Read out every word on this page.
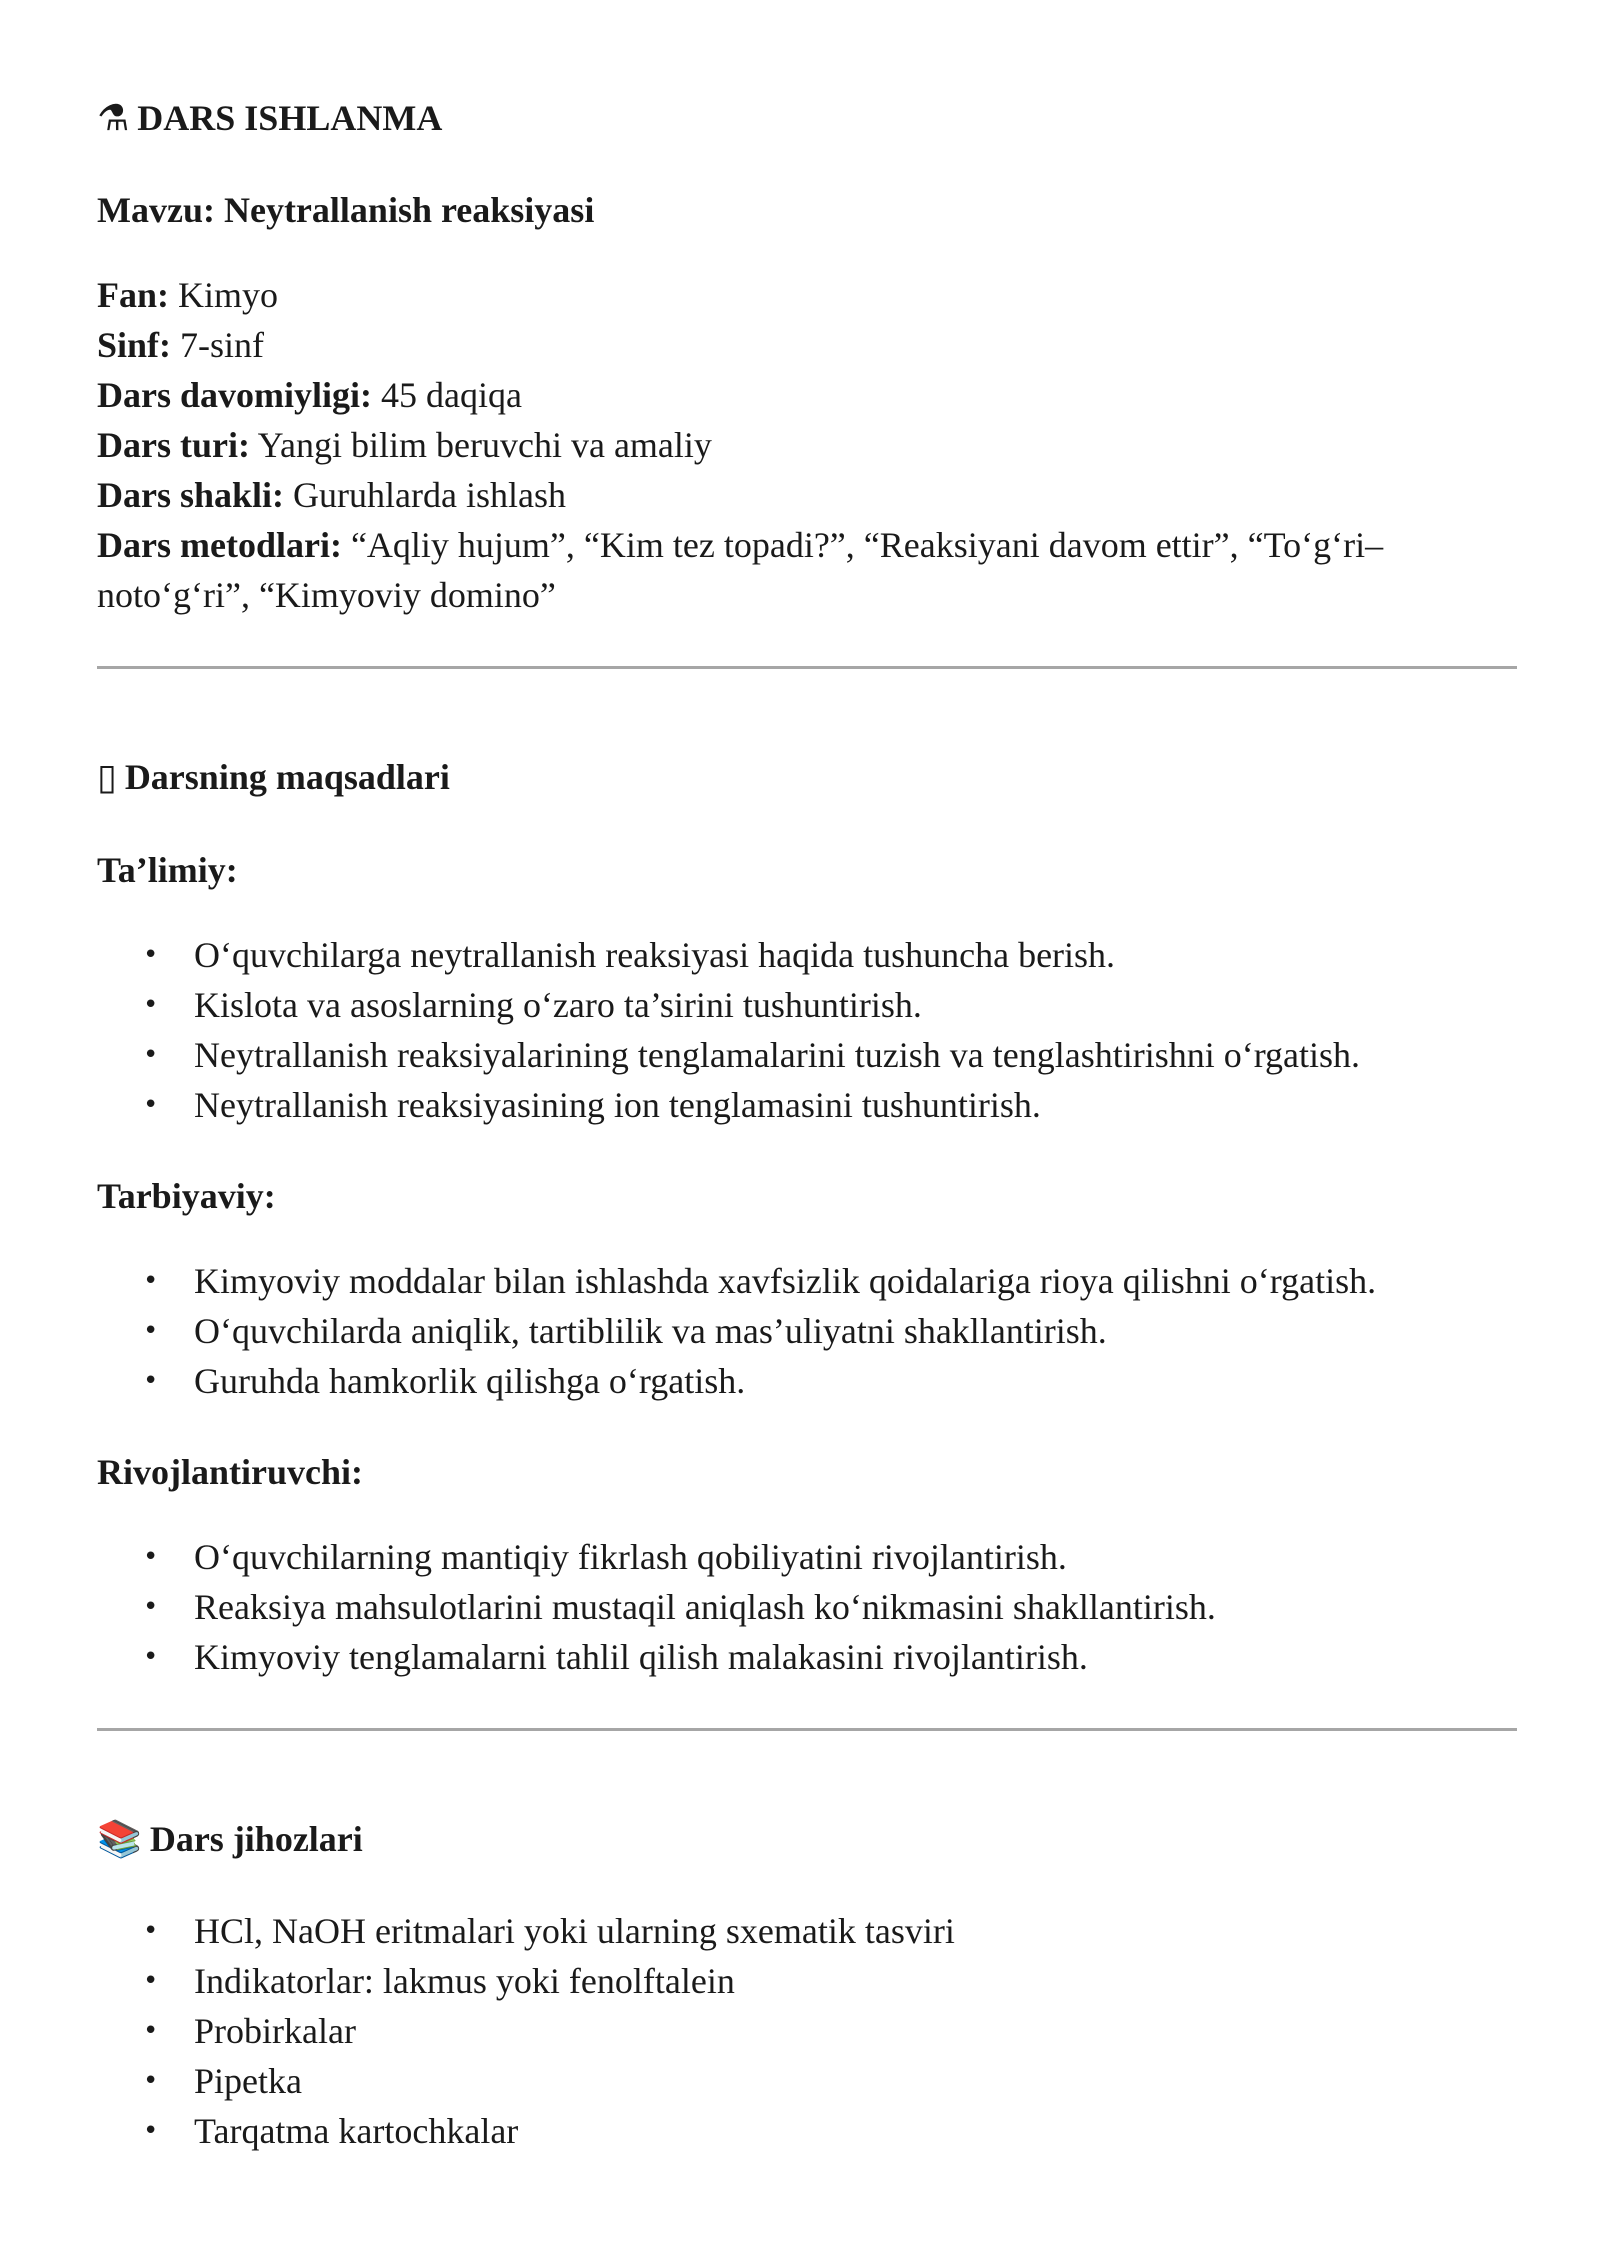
⚗ DARS ISHLANMA
Mavzu: Neytrallanish reaksiyasi
Fan: Kimyo
Sinf: 7-sinf
Dars davomiyligi: 45 daqiqa
Dars turi: Yangi bilim beruvchi va amaliy
Dars shakli: Guruhlarda ishlash
Dars metodlari: “Aqliy hujum”, “Kim tez topadi?”, “Reaksiyani davom ettir”, “To‘g‘ri–noto‘g‘ri”, “Kimyoviy domino”
▯ Darsning maqsadlari
Ta’limiy:
• O‘quvchilarga neytrallanish reaksiyasi haqida tushuncha berish.
• Kislota va asoslarning o‘zaro ta’sirini tushuntirish.
• Neytrallanish reaksiyalarining tenglamalarini tuzish va tenglashtirishni o‘rgatish.
• Neytrallanish reaksiyasining ion tenglamasini tushuntirish.
Tarbiyaviy:
• Kimyoviy moddalar bilan ishlashda xavfsizlik qoidalariga rioya qilishni o‘rgatish.
• O‘quvchilarda aniqlik, tartiblilik va mas’uliyatni shakllantirish.
• Guruhda hamkorlik qilishga o‘rgatish.
Rivojlantiruvchi:
• O‘quvchilarning mantiqiy fikrlash qobiliyatini rivojlantirish.
• Reaksiya mahsulotlarini mustaqil aniqlash ko‘nikmasini shakllantirish.
• Kimyoviy tenglamalarni tahlil qilish malakasini rivojlantirish.
📚 Dars jihozlari
• HCl, NaOH eritmalari yoki ularning sxematik tasviri
• Indikatorlar: lakmus yoki fenolftalein
• Probirkalar
• Pipetka
• Tarqatma kartochkalar
